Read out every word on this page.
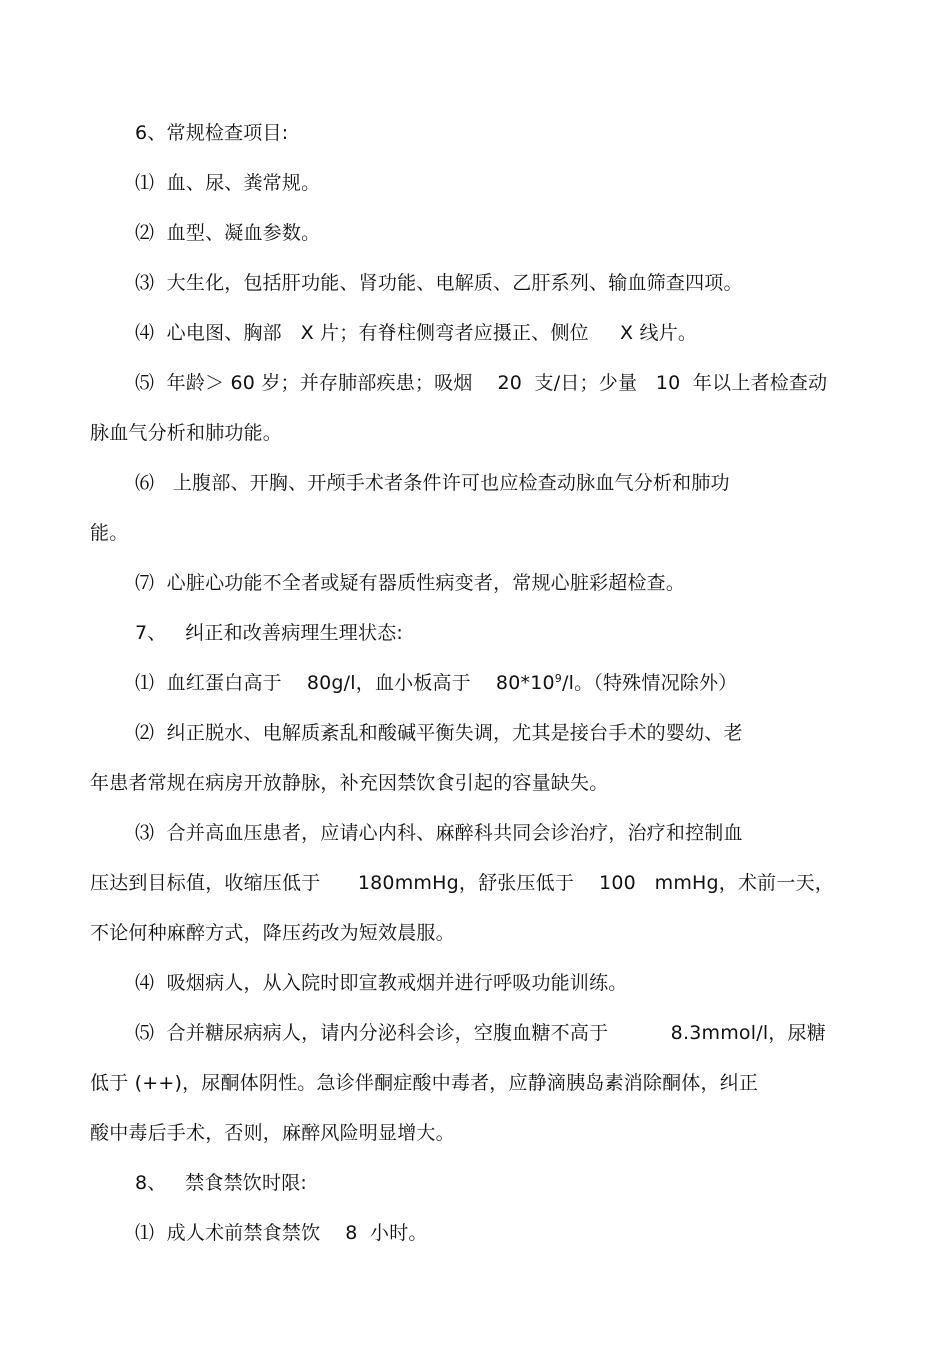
6、常规检查项目:
⑴  血、尿、粪常规。
⑵  血型、凝血参数。
⑶  大生化，包括肝功能、肾功能、电解质、乙肝系列、输血筛查四项。
⑷  心电图、胸部   X 片；有脊柱侧弯者应摄正、侧位     X 线片。
⑸  年龄＞ 60 岁；并存肺部疾患；吸烟    20  支/日；少量   10  年以上者检查动
脉血气分析和肺功能。
⑹   上腹部、开胸、开颅手术者条件许可也应检查动脉血气分析和肺功
能。
⑺  心脏心功能不全者或疑有器质性病变者，常规心脏彩超检查。
7、   纠正和改善病理生理状态:
⑴  血红蛋白高于    80g/l，血小板高于    $80*10^9/l$。（特殊情况除外）
⑵  纠正脱水、电解质紊乱和酸碱平衡失调，尤其是接台手术的婴幼、老
年患者常规在病房开放静脉，补充因禁饮食引起的容量缺失。
⑶  合并高血压患者，应请心内科、麻醉科共同会诊治疗，治疗和控制血
压达到目标值，收缩压低于      180mmHg，舒张压低于    100   mmHg，术前一天，
不论何种麻醉方式，降压药改为短效晨服。
⑷  吸烟病人，从入院时即宣教戒烟并进行呼吸功能训练。
⑸  合并糖尿病病人，请内分泌科会诊，空腹血糖不高于          8.3mmol/l，尿糖
低于 (++)，尿酮体阴性。急诊伴酮症酸中毒者，应静滴胰岛素消除酮体，纠正
酸中毒后手术，否则，麻醉风险明显增大。
8、   禁食禁饮时限:
⑴  成人术前禁食禁饮    8  小时。
